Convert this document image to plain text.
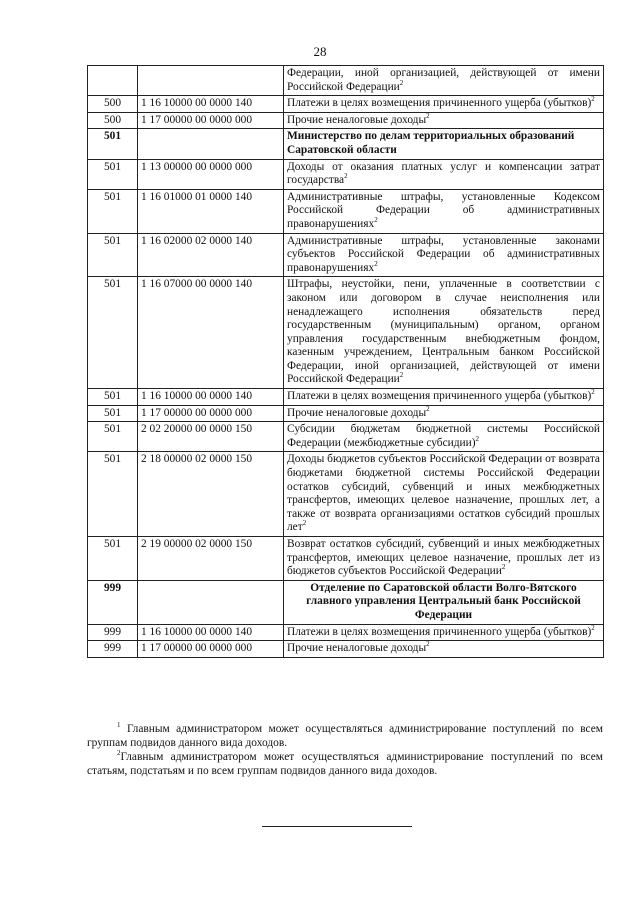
28
		Федерации, иной организацией, действующей от имени Российской Федерации$^2$
500	1 16 10000 00 0000 140	Платежи в целях возмещения причиненного ущерба (убытков)$^2$
500	1 17 00000 00 0000 000	Прочие неналоговые доходы$^2$
501		Министерство по делам территориальных образований Саратовской области
501	1 13 00000 00 0000 000	Доходы от оказания платных услуг и компенсации затрат государства$^2$
501	1 16 01000 01 0000 140	Административные штрафы, установленные Кодексом Российской Федерации об административных правонарушениях$^2$
501	1 16 02000 02 0000 140	Административные штрафы, установленные законами субъектов Российской Федерации об административных правонарушениях$^2$
501	1 16 07000 00 0000 140	Штрафы, неустойки, пени, уплаченные в соответствии с законом или договором в случае неисполнения или ненадлежащего исполнения обязательств перед государственным (муниципальным) органом, органом управления государственным внебюджетным фондом, казенным учреждением, Центральным банком Российской Федерации, иной организацией, действующей от имени Российской Федерации$^2$
501	1 16 10000 00 0000 140	Платежи в целях возмещения причиненного ущерба (убытков)$^2$
501	1 17 00000 00 0000 000	Прочие неналоговые доходы$^2$
501	2 02 20000 00 0000 150	Субсидии бюджетам бюджетной системы Российской Федерации (межбюджетные субсидии)$^2$
501	2 18 00000 02 0000 150	Доходы бюджетов субъектов Российской Федерации от возврата бюджетами бюджетной системы Российской Федерации остатков субсидий, субвенций и иных межбюджетных трансфертов, имеющих целевое назначение, прошлых лет, а также от возврата организациями остатков субсидий прошлых лет$^2$
501	2 19 00000 02 0000 150	Возврат остатков субсидий, субвенций и иных межбюджетных трансфертов, имеющих целевое назначение, прошлых лет из бюджетов субъектов Российской Федерации$^2$
999		Отделение по Саратовской области Волго-Вятского главного управления Центральный банк Российской Федерации
999	1 16 10000 00 0000 140	Платежи в целях возмещения причиненного ущерба (убытков)$^2$
999	1 17 00000 00 0000 000	Прочие неналоговые доходы$^2$

$^1$ Главным администратором может осуществляться администрирование поступлений по всем группам подвидов данного вида доходов.

$^2$Главным администратором может осуществляться администрирование поступлений по всем статьям, подстатьям и по всем группам подвидов данного вида доходов.
